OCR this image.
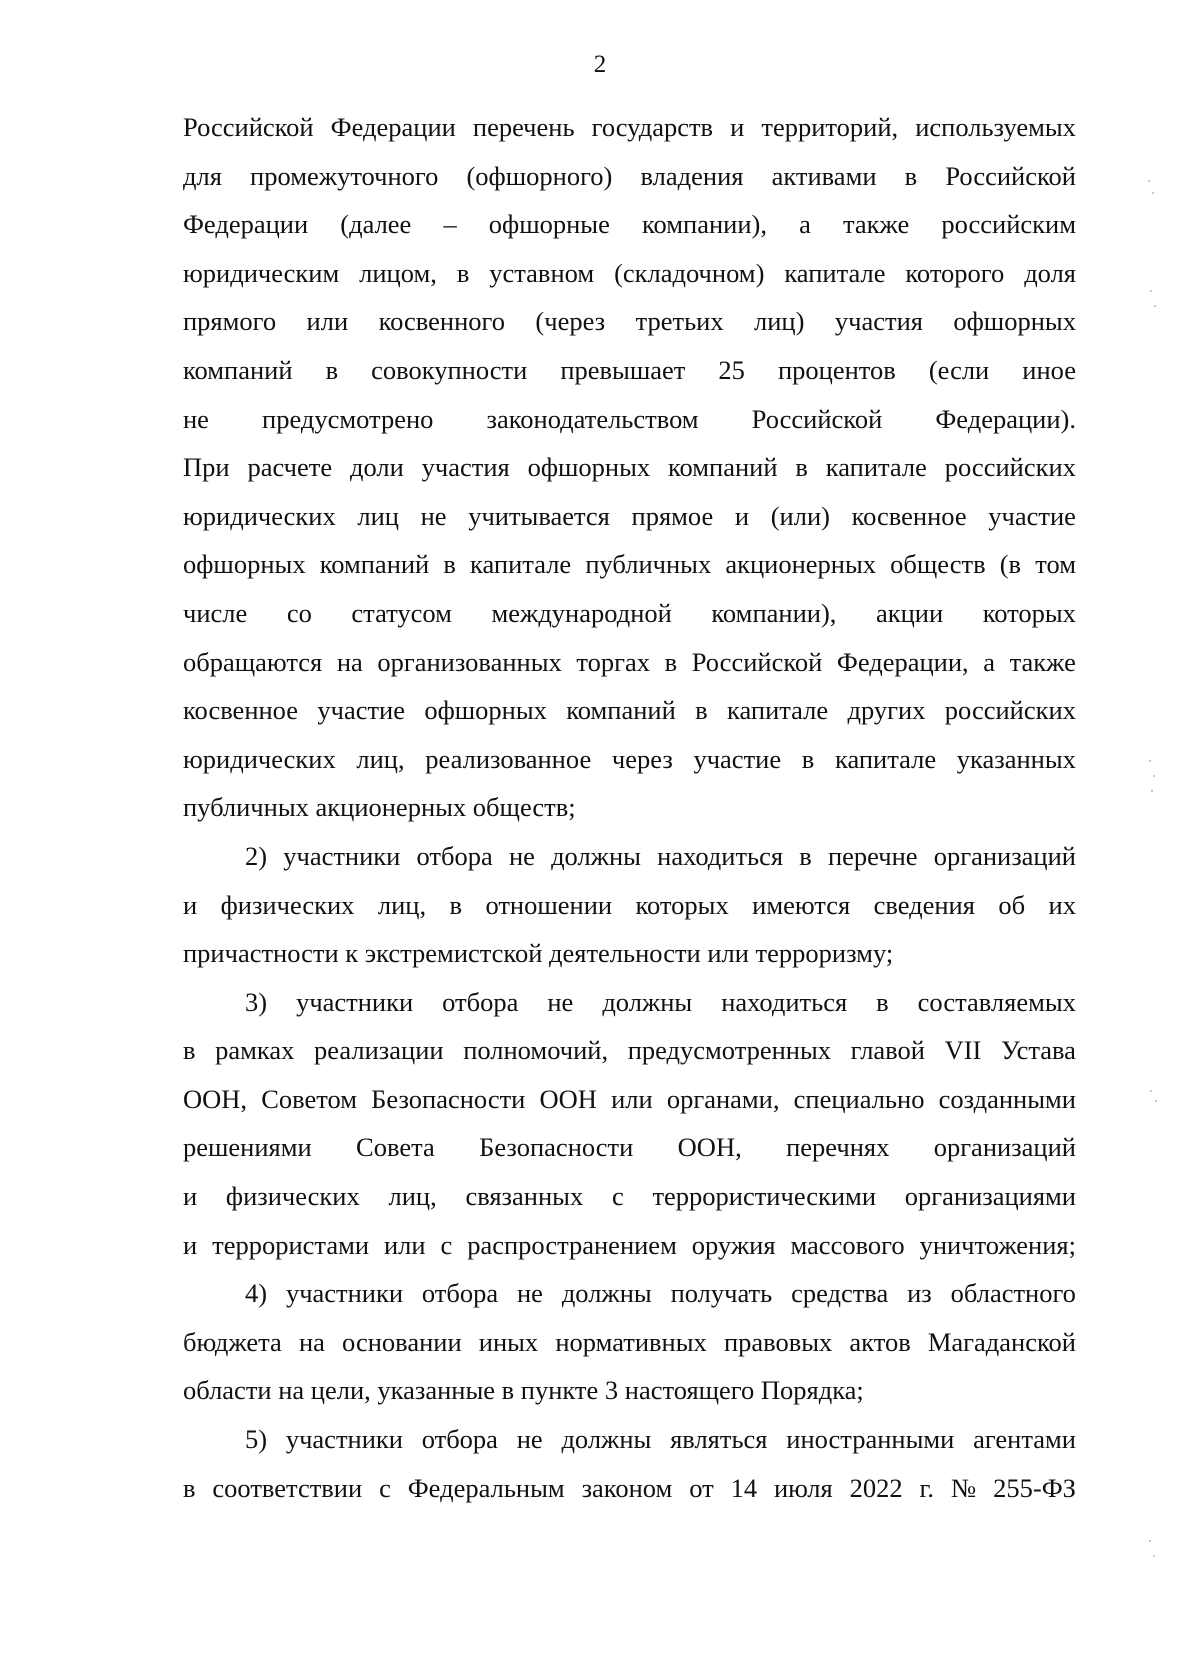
2
Российской Федерации перечень государств и территорий, используемых
для промежуточного (офшорного) владения активами в Российской
Федерации (далее – офшорные компании), а также российским
юридическим лицом, в уставном (складочном) капитале которого доля
прямого или косвенного (через третьих лиц) участия офшорных
компаний в совокупности превышает 25 процентов (если иное
не предусмотрено законодательством Российской Федерации).
При расчете доли участия офшорных компаний в капитале российских
юридических лиц не учитывается прямое и (или) косвенное участие
офшорных компаний в капитале публичных акционерных обществ (в том
числе со статусом международной компании), акции которых
обращаются на организованных торгах в Российской Федерации, а также
косвенное участие офшорных компаний в капитале других российских
юридических лиц, реализованное через участие в капитале указанных
публичных акционерных обществ;
2) участники отбора не должны находиться в перечне организаций
и физических лиц, в отношении которых имеются сведения об их
причастности к экстремистской деятельности или терроризму;
3) участники отбора не должны находиться в составляемых
в рамках реализации полномочий, предусмотренных главой VII Устава
ООН, Советом Безопасности ООН или органами, специально созданными
решениями Совета Безопасности ООН, перечнях организаций
и физических лиц, связанных с террористическими организациями
и террористами или с распространением оружия массового уничтожения;
4) участники отбора не должны получать средства из областного
бюджета на основании иных нормативных правовых актов Магаданской
области на цели, указанные в пункте 3 настоящего Порядка;
5) участники отбора не должны являться иностранными агентами
в соответствии с Федеральным законом от 14 июля 2022 г. № 255-ФЗ
